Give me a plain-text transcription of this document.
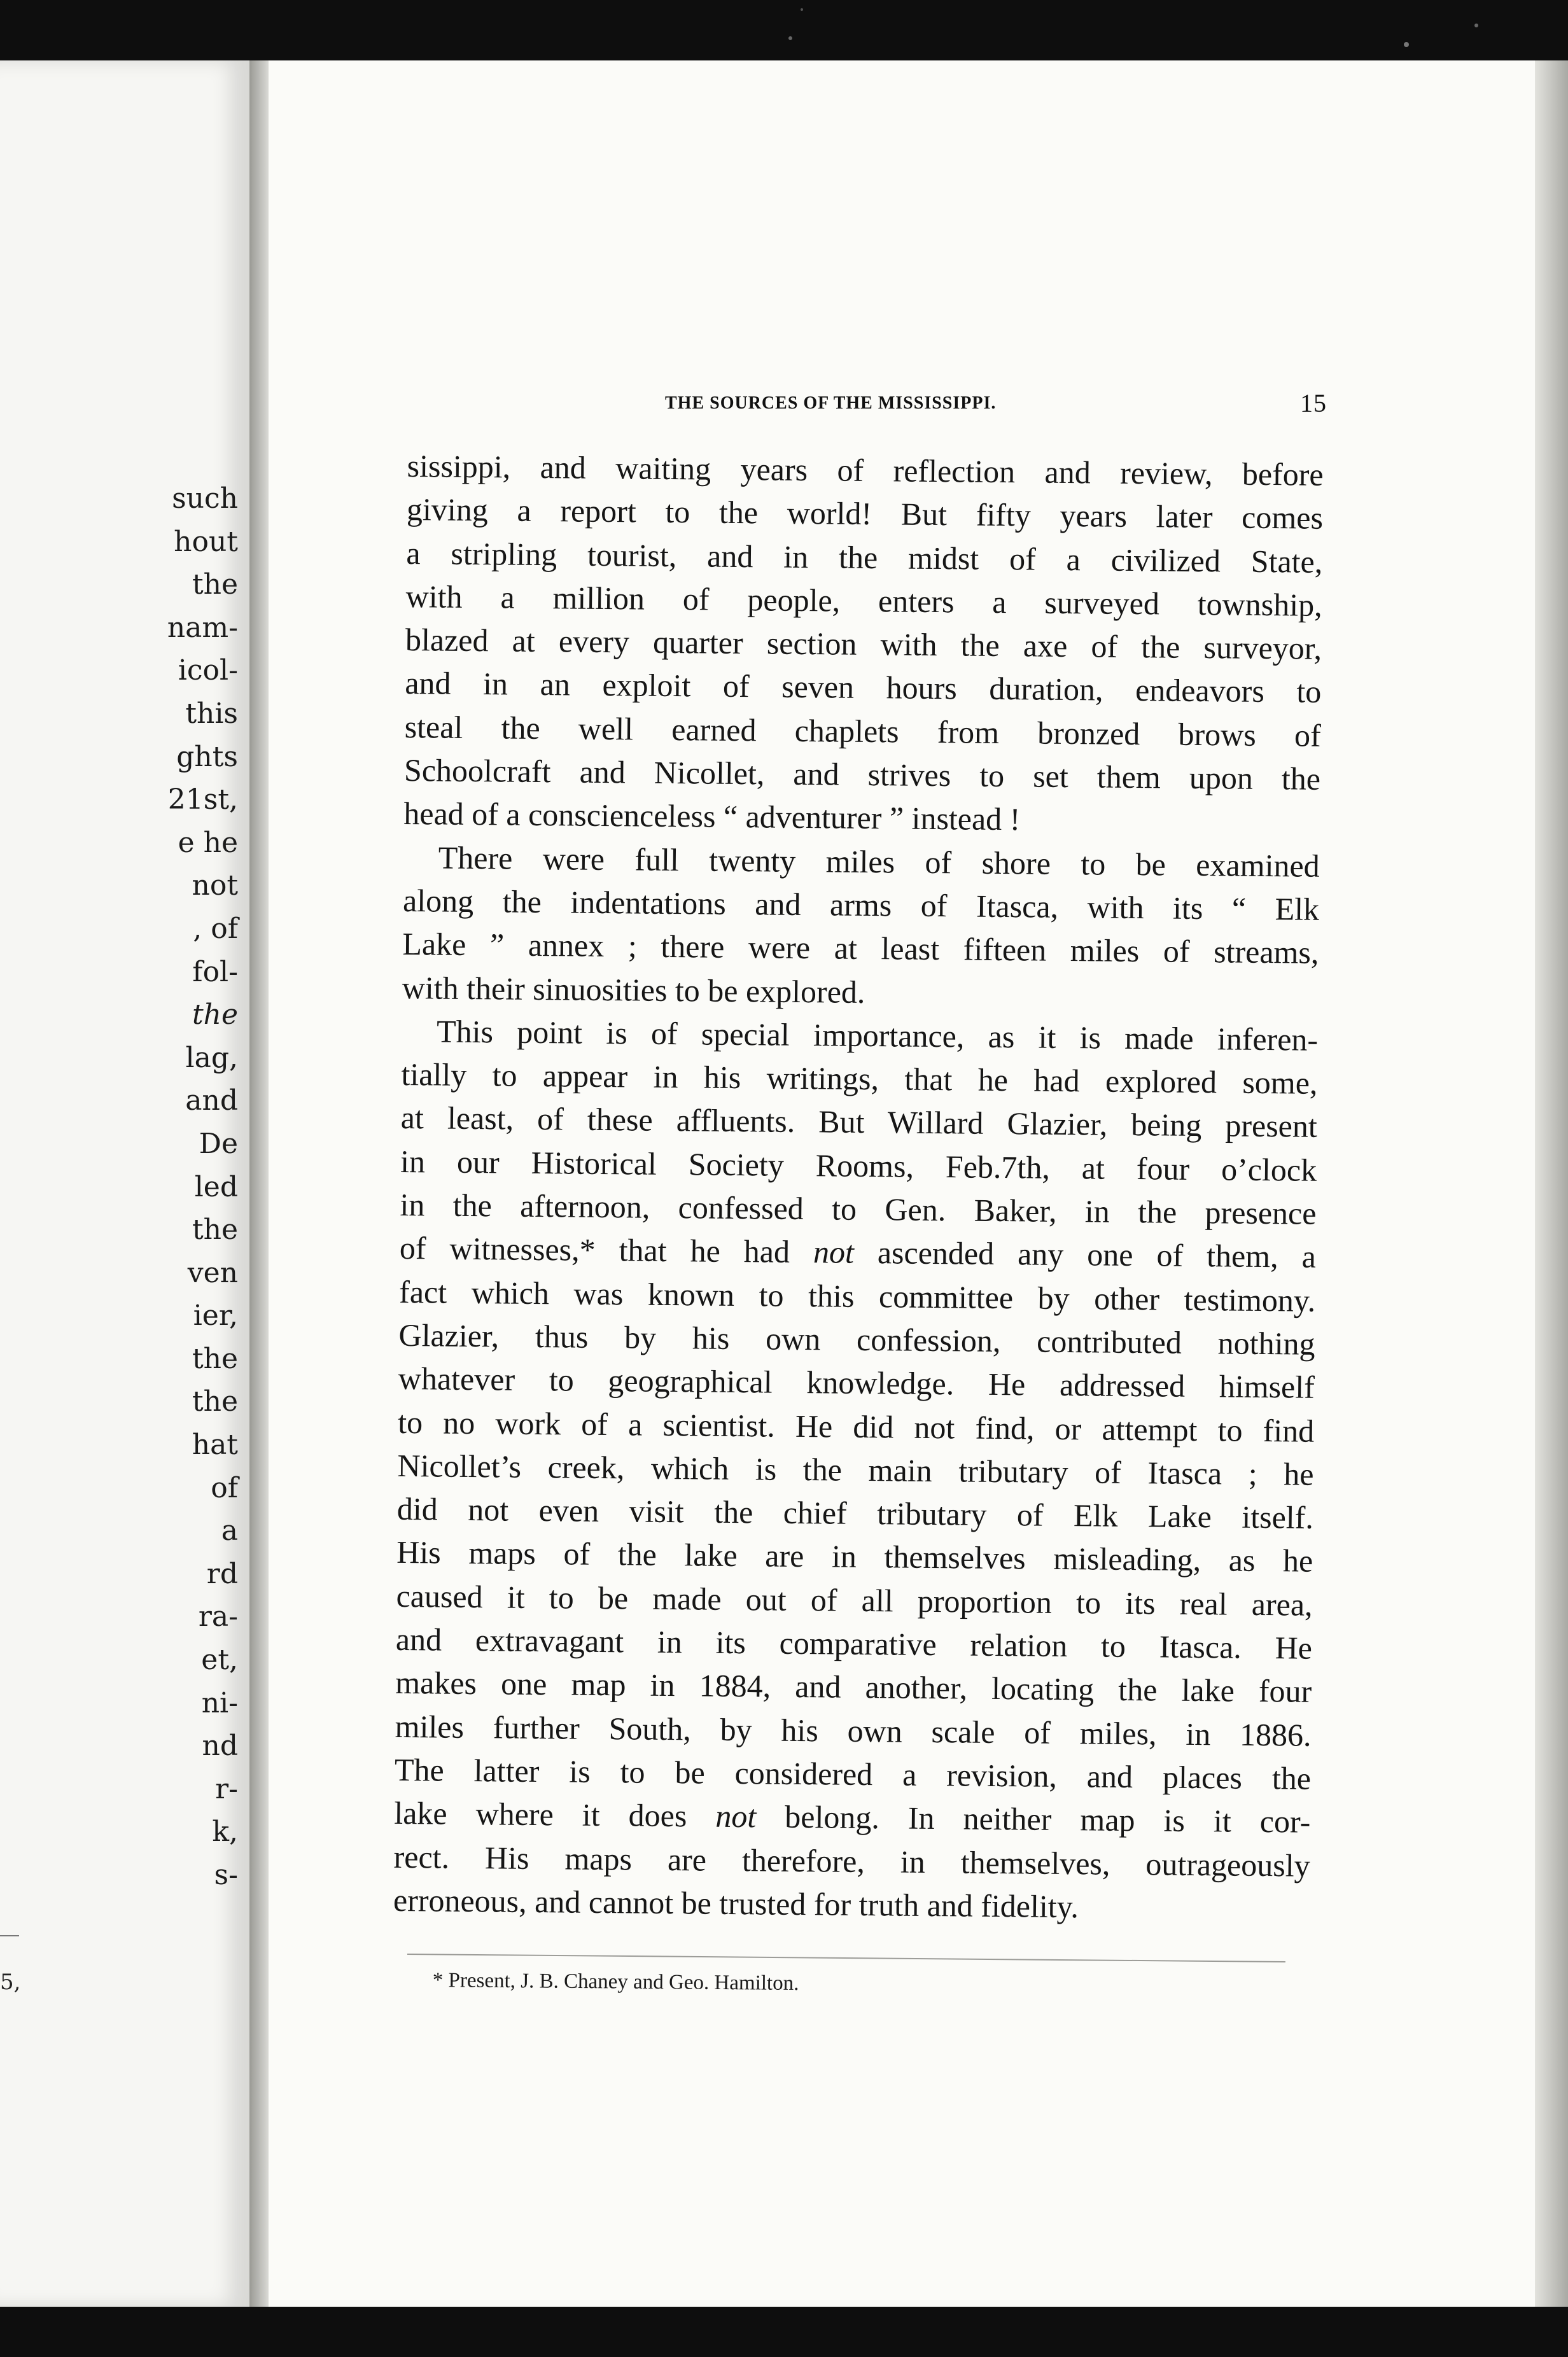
such
hout
the
nam-
icol-
this
ghts
21st,
e he
not
, of
fol-
the
lag,
and
De
led
the
ven
ier,
the
the
hat
of
a
rd
ra-
et,
ni-
nd
r-
k,
s-
5,
THE SOURCES OF THE MISSISSIPPI.	15
sissippi, and waiting years of reflection and review, before
giving a report to the world! But fifty years later comes
a stripling tourist, and in the midst of a civilized State,
with a million of people, enters a surveyed township,
blazed at every quarter section with the axe of the surveyor,
and in an exploit of seven hours duration, endeavors to
steal the well earned chaplets from bronzed brows of
Schoolcraft and Nicollet, and strives to set them upon the
head of a conscienceless “ adventurer ” instead !
There were full twenty miles of shore to be examined
along the indentations and arms of Itasca, with its “ Elk
Lake ” annex ; there were at least fifteen miles of streams,
with their sinuosities to be explored.
This point is of special importance, as it is made inferen-
tially to appear in his writings, that he had explored some,
at least, of these affluents. But Willard Glazier, being present
in our Historical Society Rooms, Feb.7th, at four o’clock
in the afternoon, confessed to Gen. Baker, in the presence
of witnesses,* that he had not ascended any one of them, a
fact which was known to this committee by other testimony.
Glazier, thus by his own confession, contributed nothing
whatever to geographical knowledge. He addressed himself
to no work of a scientist. He did not find, or attempt to find
Nicollet’s creek, which is the main tributary of Itasca ; he
did not even visit the chief tributary of Elk Lake itself.
His maps of the lake are in themselves misleading, as he
caused it to be made out of all proportion to its real area,
and extravagant in its comparative relation to Itasca. He
makes one map in 1884, and another, locating the lake four
miles further South, by his own scale of miles, in 1886.
The latter is to be considered a revision, and places the
lake where it does not belong. In neither map is it cor-
rect. His maps are therefore, in themselves, outrageously
erroneous, and cannot be trusted for truth and fidelity.
* Present, J. B. Chaney and Geo. Hamilton.
